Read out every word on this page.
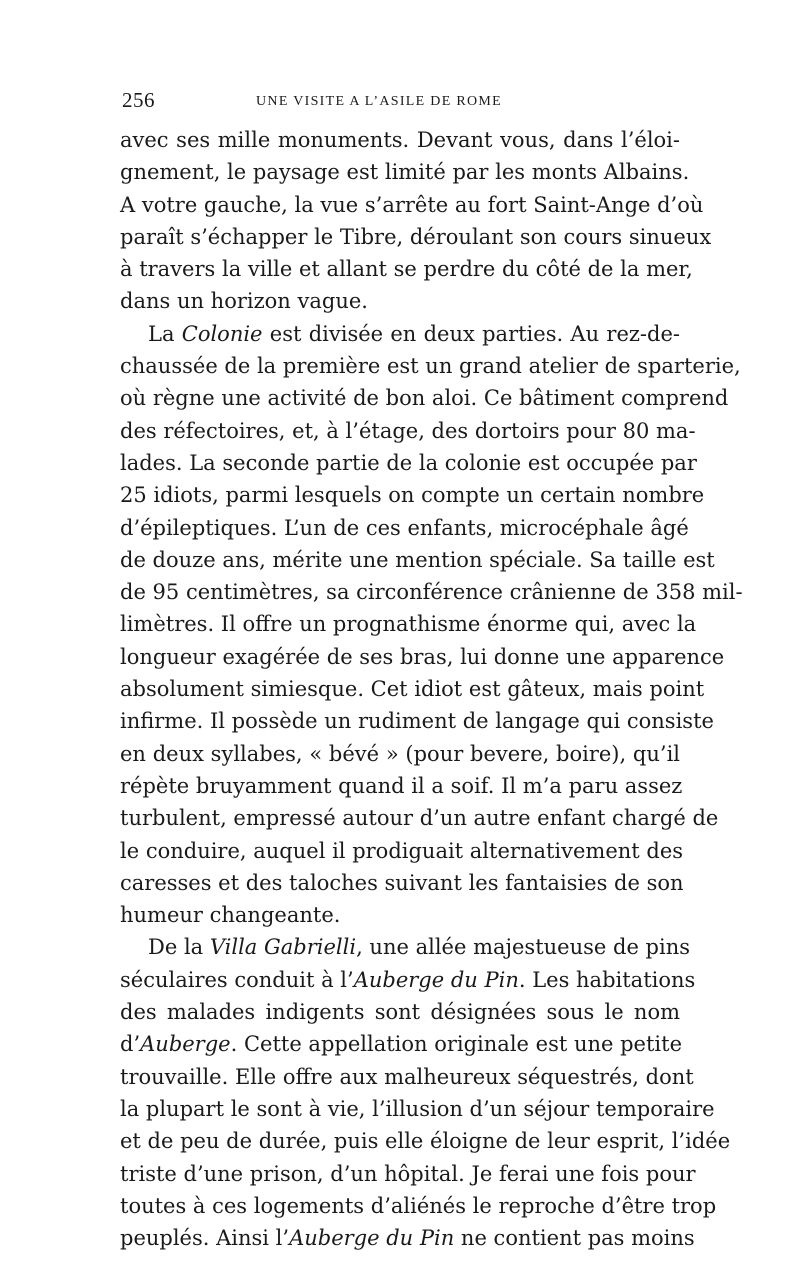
256	UNE VISITE A L’ASILE DE ROME
avec ses mille monuments. Devant vous, dans l’éloi-
gnement, le paysage est limité par les monts Albains.
A votre gauche, la vue s’arrête au fort Saint-Ange d’où
paraît s’échapper le Tibre, déroulant son cours sinueux
à travers la ville et allant se perdre du côté de la mer,
dans un horizon vague.
La Colonie est divisée en deux parties. Au rez-de-
chaussée de la première est un grand atelier de sparterie,
où règne une activité de bon aloi. Ce bâtiment comprend
des réfectoires, et, à l’étage, des dortoirs pour 80 ma-
lades. La seconde partie de la colonie est occupée par
25 idiots, parmi lesquels on compte un certain nombre
d’épileptiques. L’un de ces enfants, microcéphale âgé
de douze ans, mérite une mention spéciale. Sa taille est
de 95 centimètres, sa circonférence crânienne de 358 mil-
limètres. Il offre un prognathisme énorme qui, avec la
longueur exagérée de ses bras, lui donne une apparence
absolument simiesque. Cet idiot est gâteux, mais point
infirme. Il possède un rudiment de langage qui consiste
en deux syllabes, « bévé » (pour bevere, boire), qu’il
répète bruyamment quand il a soif. Il m’a paru assez
turbulent, empressé autour d’un autre enfant chargé de
le conduire, auquel il prodiguait alternativement des
caresses et des taloches suivant les fantaisies de son
humeur changeante.
De la Villa Gabrielli, une allée majestueuse de pins
séculaires conduit à l’Auberge du Pin. Les habitations
des malades indigents sont désignées sous le nom
d’Auberge. Cette appellation originale est une petite
trouvaille. Elle offre aux malheureux séquestrés, dont
la plupart le sont à vie, l’illusion d’un séjour temporaire
et de peu de durée, puis elle éloigne de leur esprit, l’idée
triste d’une prison, d’un hôpital. Je ferai une fois pour
toutes à ces logements d’aliénés le reproche d’être trop
peuplés. Ainsi l’Auberge du Pin ne contient pas moins
